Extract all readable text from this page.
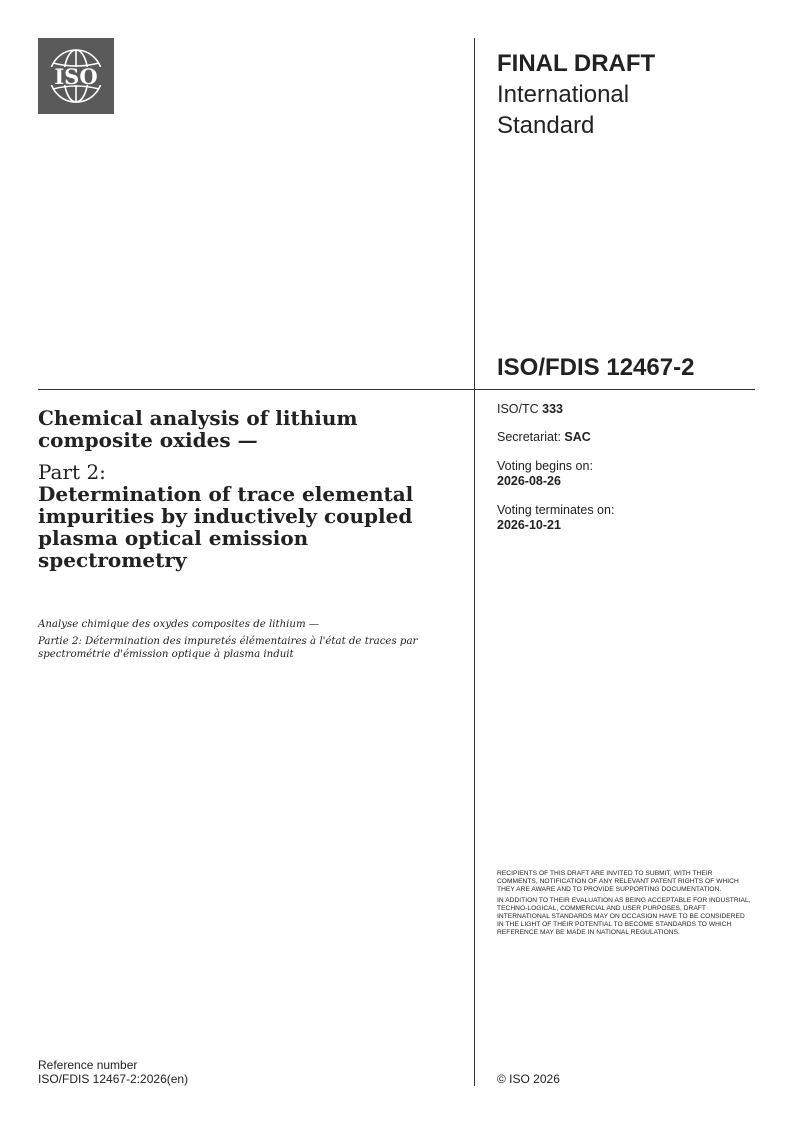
ISO	FINAL DRAFT
International
Standard
ISO/FDIS 12467-2
ISO/TC 333
Secretariat: SAC
Voting begins on:
2026-08-26
Voting terminates on:
2026-10-21
Chemical analysis of lithium composite oxides —
Part 2:
Determination of trace elemental impurities by inductively coupled plasma optical emission spectrometry
Analyse chimique des oxydes composites de lithium —
Partie 2: Détermination des impuretés élémentaires à l'état de traces par spectrométrie d'émission optique à plasma induit

RECIPIENTS OF THIS DRAFT ARE INVITED TO SUBMIT, WITH THEIR COMMENTS, NOTIFICATION OF ANY RELEVANT PATENT RIGHTS OF WHICH THEY ARE AWARE AND TO PROVIDE SUPPORTING DOCUMENTATION.

IN ADDITION TO THEIR EVALUATION AS BEING ACCEPTABLE FOR INDUSTRIAL, TECHNO-LOGICAL, COMMERCIAL AND USER PURPOSES, DRAFT INTERNATIONAL STANDARDS MAY ON OCCASION HAVE TO BE CONSIDERED IN THE LIGHT OF THEIR POTENTIAL TO BECOME STANDARDS TO WHICH REFERENCE MAY BE MADE IN NATIONAL REGULATIONS.

Reference number
ISO/FDIS 12467-2:2026(en)	© ISO 2026
